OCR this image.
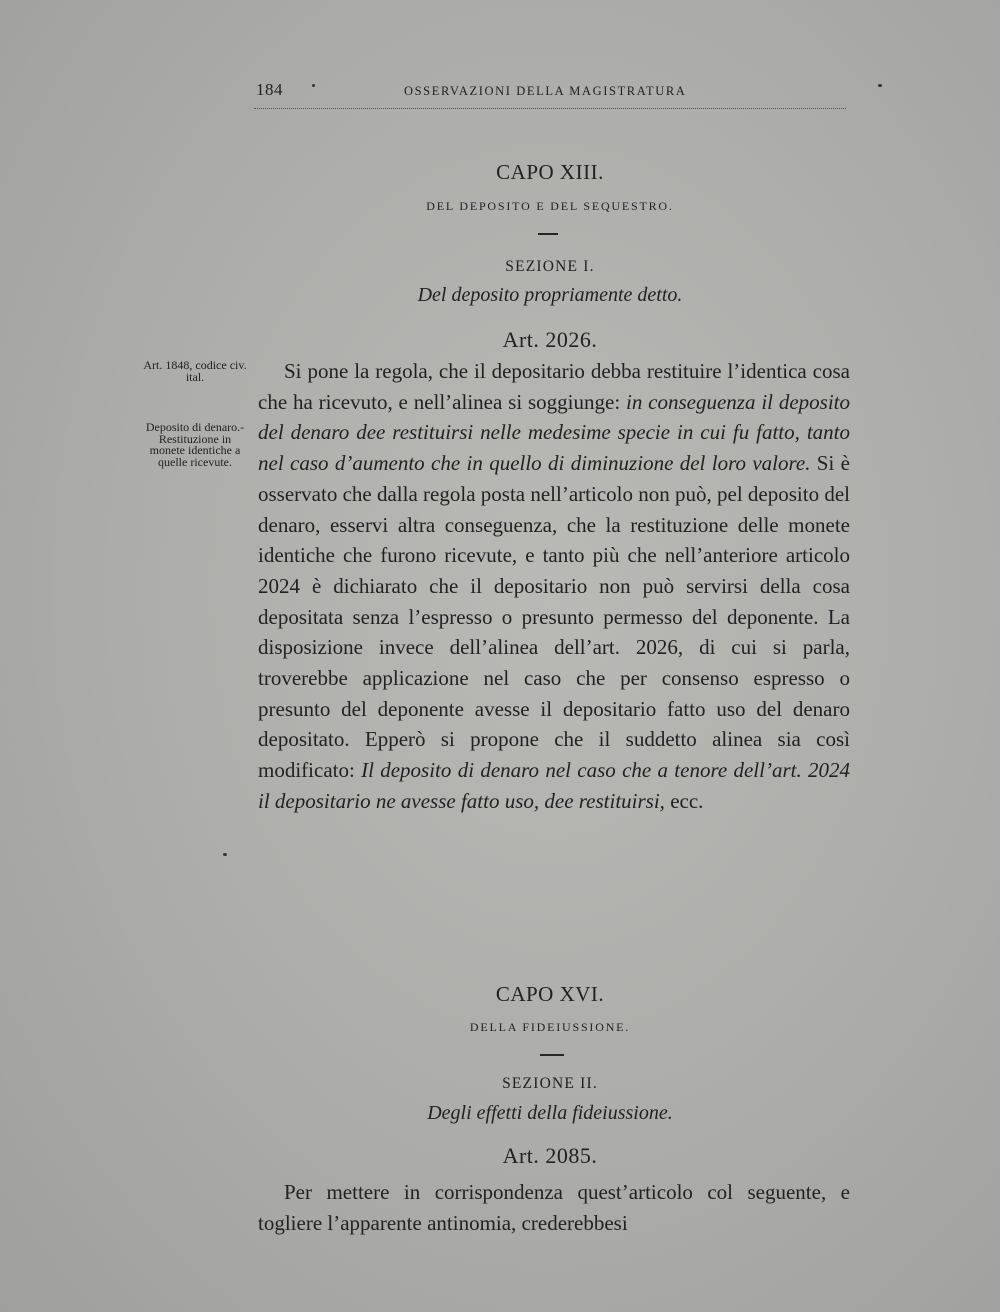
184	OSSERVAZIONI DELLA MAGISTRATURA
CAPO XIII.
DEL DEPOSITO E DEL SEQUESTRO.
SEZIONE I.
Del deposito propriamente detto.
Art. 2026.
Art. 1848, codice civ. ital.
Deposito di denaro.-Restituzione in monete identiche a quelle ricevute.
Si pone la regola, che il depositario debba restituire l’identica cosa che ha ricevuto, e nell’alinea si soggiunge: in conseguenza il deposito del denaro dee restituirsi nelle medesime specie in cui fu fatto, tanto nel caso d’aumento che in quello di diminuzione del loro valore. Si è osservato che dalla regola posta nell’articolo non può, pel deposito del denaro, esservi altra conseguenza, che la restituzione delle monete identiche che furono ricevute, e tanto più che nell’anteriore articolo 2024 è dichiarato che il depositario non può servirsi della cosa depositata senza l’espresso o presunto permesso del deponente. La disposizione invece dell’alinea dell’art. 2026, di cui si parla, troverebbe applicazione nel caso che per consenso espresso o presunto del deponente avesse il depositario fatto uso del denaro depositato. Epperò si propone che il suddetto alinea sia così modificato: Il deposito di denaro nel caso che a tenore dell’art. 2024 il depositario ne avesse fatto uso, dee restituirsi, ecc.
CAPO XVI.
DELLA FIDEIUSSIONE.
SEZIONE II.
Degli effetti della fideiussione.
Art. 2085.
Per mettere in corrispondenza quest’articolo col seguente, e togliere l’apparente antinomia, crederebbesi
